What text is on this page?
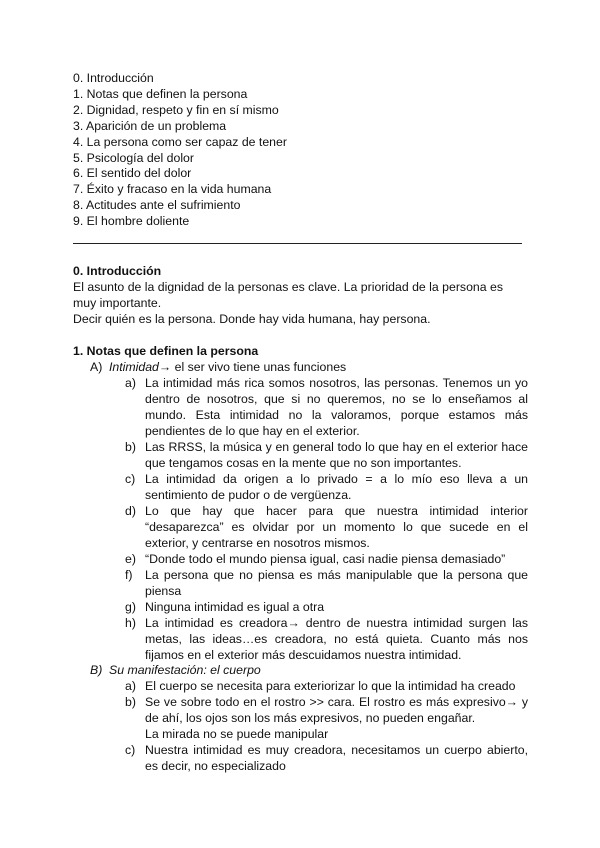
0. Introducción
1. Notas que definen la persona
2. Dignidad, respeto y fin en sí mismo
3. Aparición de un problema
4. La persona como ser capaz de tener
5. Psicología del dolor
6. El sentido del dolor
7. Éxito y fracaso en la vida humana
8. Actitudes ante el sufrimiento
9. El hombre doliente
0. Introducción
El asunto de la dignidad de la personas es clave. La prioridad de la persona es muy importante.
Decir quién es la persona. Donde hay vida humana, hay persona.
1. Notas que definen la persona
A) Intimidad→ el ser vivo tiene unas funciones
a) La intimidad más rica somos nosotros, las personas. Tenemos un yo dentro de nosotros, que si no queremos, no se lo enseñamos al mundo. Esta intimidad no la valoramos, porque estamos más pendientes de lo que hay en el exterior.
b) Las RRSS, la música y en general todo lo que hay en el exterior hace que tengamos cosas en la mente que no son importantes.
c) La intimidad da origen a lo privado = a lo mío eso lleva a un sentimiento de pudor o de vergüenza.
d) Lo que hay que hacer para que nuestra intimidad interior “desaparezca” es olvidar por un momento lo que sucede en el exterior, y centrarse en nosotros mismos.
e) “Donde todo el mundo piensa igual, casi nadie piensa demasiado”
f)	La persona que no piensa es más manipulable que la persona que piensa
g) Ninguna intimidad es igual a otra
h) La intimidad es creadora→ dentro de nuestra intimidad surgen las metas, las ideas…es creadora, no está quieta. Cuanto más nos fijamos en el exterior más descuidamos nuestra intimidad.
B) Su manifestación: el cuerpo
a) El cuerpo se necesita para exteriorizar lo que la intimidad ha creado
b) Se ve sobre todo en el rostro >> cara. El rostro es más expresivo→ y de ahí, los ojos son los más expresivos, no pueden engañar.
La mirada no se puede manipular
c) Nuestra intimidad es muy creadora, necesitamos un cuerpo abierto, es decir, no especializado
